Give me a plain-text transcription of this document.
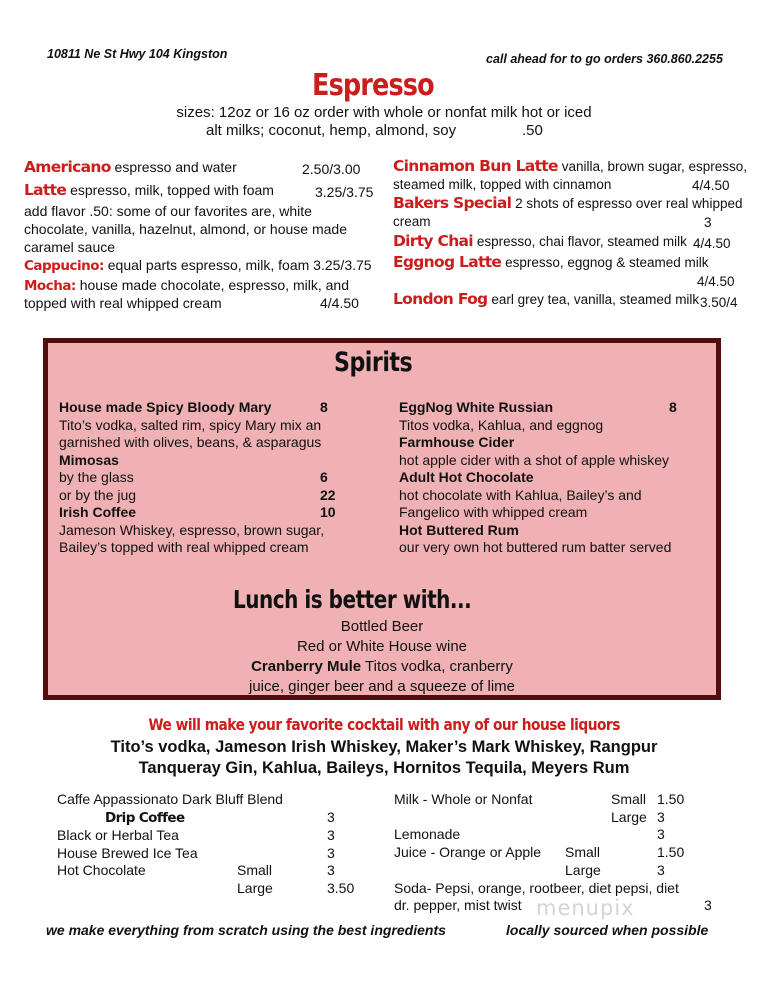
10811 Ne St Hwy 104 Kingston	call ahead for to go orders 360.860.2255
Espresso
sizes: 12oz or 16 oz order with whole or nonfat milk hot or iced
alt milks; coconut, hemp, almond, soy	.50
Americano espresso and water	2.50/3.00
Latte espresso, milk, topped with foam	3.25/3.75
add flavor .50: some of our favorites are, white
chocolate, vanilla, hazelnut, almond, or house made
caramel sauce
Cappucino: equal parts espresso, milk, foam 3.25/3.75
Mocha: house made chocolate, espresso, milk, and
topped with real whipped cream	4/4.50
Cinnamon Bun Latte vanilla, brown sugar, espresso,
steamed milk, topped with cinnamon	4/4.50
Bakers Special 2 shots of espresso over real whipped
cream	3
Dirty Chai espresso, chai flavor, steamed milk 4/4.50
Eggnog Latte espresso, eggnog & steamed milk
4/4.50
London Fog earl grey tea, vanilla, steamed milk 3.50/4
Spirits
House made Spicy Bloody Mary	8
Tito’s vodka, salted rim, spicy Mary mix an
garnished with olives, beans, & asparagus
Mimosas
by the glass	6
or by the jug	22
Irish Coffee	10
Jameson Whiskey, espresso, brown sugar,
Bailey’s topped with real whipped cream
EggNog White Russian	8
Titos vodka, Kahlua, and eggnog
Farmhouse Cider
hot apple cider with a shot of apple whiskey
Adult Hot Chocolate
hot chocolate with Kahlua, Bailey’s and
Fangelico with whipped cream
Hot Buttered Rum
our very own hot buttered rum batter served
Lunch is better with...
Bottled Beer
Red or White House wine
Cranberry Mule Titos vodka, cranberry
juice, ginger beer and a squeeze of lime
We will make your favorite cocktail with any of our house liquors
Tito’s vodka, Jameson Irish Whiskey, Maker’s Mark Whiskey, Rangpur
Tanqueray Gin, Kahlua, Baileys, Hornitos Tequila, Meyers Rum
Caffe Appassionato Dark Bluff Blend
Drip Coffee	3
Black or Herbal Tea	3
House Brewed Ice Tea	3
Hot Chocolate	Small	3
Large	3.50
Milk - Whole or Nonfat	Small 1.50
Large 3
Lemonade	3
Juice - Orange or Apple Small	1.50
Large	3
Soda- Pepsi, orange, rootbeer, diet pepsi, diet
dr. pepper, mist twist	3
menupix
we make everything from scratch using the best ingredients	locally sourced when possible
